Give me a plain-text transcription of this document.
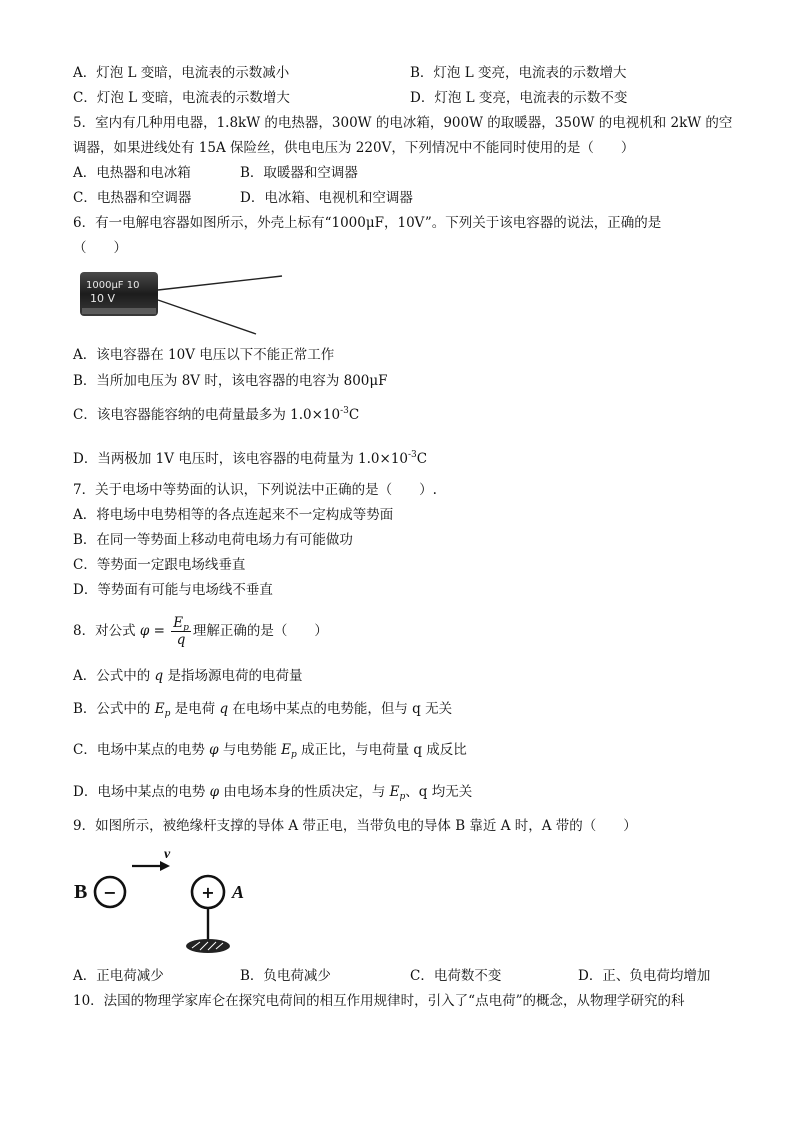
A．灯泡 L 变暗，电流表的示数减小	B．灯泡 L 变亮，电流表的示数增大
C．灯泡 L 变暗，电流表的示数增大	D．灯泡 L 变亮，电流表的示数不变
5．室内有几种用电器，1.8kW 的电热器，300W 的电冰箱，900W 的取暖器，350W 的电视机和 2kW 的空
调器，如果进线处有 15A 保险丝，供电电压为 220V，下列情况中不能同时使用的是（　　）
A．电热器和电冰箱	B．取暖器和空调器
C．电热器和空调器	D．电冰箱、电视机和空调器
6．有一电解电容器如图所示，外壳上标有“1000μF，10V”。下列关于该电容器的说法，正确的是
（　　）
1000μF 10
10 V
A．该电容器在 10V 电压以下不能正常工作
B．当所加电压为 8V 时，该电容器的电容为 800μF
C．该电容器能容纳的电荷量最多为 $1.0\times 10^{-3}C$
D．当两极加 1V 电压时，该电容器的电荷量为 $1.0\times 10^{-3}C$
7．关于电场中等势面的认识，下列说法中正确的是（　　）.
A．将电场中电势相等的各点连起来不一定构成等势面
B．在同一等势面上移动电荷电场力有可能做功
C．等势面一定跟电场线垂直
D．等势面有可能与电场线不垂直
8．对公式 $\varphi = \frac{E_p}{q}$ 理解正确的是（　　）
A．公式中的 q 是指场源电荷的电荷量
B．公式中的 $E_p$ 是电荷 q 在电场中某点的电势能，但与 q 无关
C．电场中某点的电势 φ 与电势能 $E_p$ 成正比，与电荷量 q 成反比
D．电场中某点的电势 φ 由电场本身的性质决定，与 $E_p$、q 均无关
9．如图所示，被绝缘杆支撑的导体 A 带正电，当带负电的导体 B 靠近 A 时，A 带的（　　）
B −
v
+ A
A．正电荷减少	B．负电荷减少	C．电荷数不变	D．正、负电荷均增加
10．法国的物理学家库仑在探究电荷间的相互作用规律时，引入了“点电荷”的概念，从物理学研究的科
